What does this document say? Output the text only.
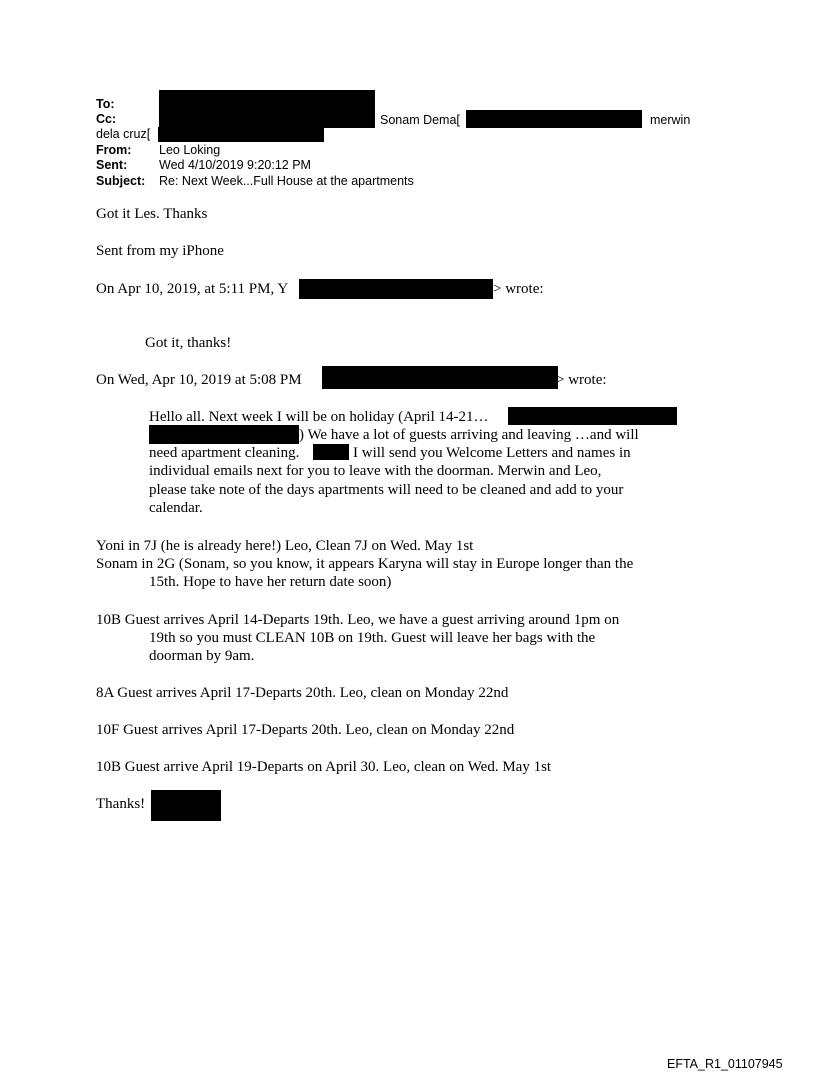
To:
Cc:	Sonam Dema[	merwin
dela cruz[
From: Leo Loking
Sent:	Wed 4/10/2019 9:20:12 PM
Subject: Re: Next Week...Full House at the apartments
Got it Les. Thanks
Sent from my iPhone
On Apr 10, 2019, at 5:11 PM, Y	> wrote:
Got it, thanks!
On Wed, Apr 10, 2019 at 5:08 PM	> wrote:
Hello all. Next week I will be on holiday (April 14-21…
) We have a lot of guests arriving and leaving …and will
need apartment cleaning.	I will send you Welcome Letters and names in
individual emails next for you to leave with the doorman. Merwin and Leo,
please take note of the days apartments will need to be cleaned and add to your
calendar.
Yoni in 7J (he is already here!) Leo, Clean 7J on Wed. May 1st
Sonam in 2G (Sonam, so you know, it appears Karyna will stay in Europe longer than the
15th. Hope to have her return date soon)
10B Guest arrives April 14-Departs 19th. Leo, we have a guest arriving around 1pm on
19th so you must CLEAN 10B on 19th. Guest will leave her bags with the
doorman by 9am.
8A Guest arrives April 17-Departs 20th. Leo, clean on Monday 22nd
10F Guest arrives April 17-Departs 20th. Leo, clean on Monday 22nd
10B Guest arrive April 19-Departs on April 30. Leo, clean on Wed. May 1st
Thanks!
EFTA_R1_01107945
